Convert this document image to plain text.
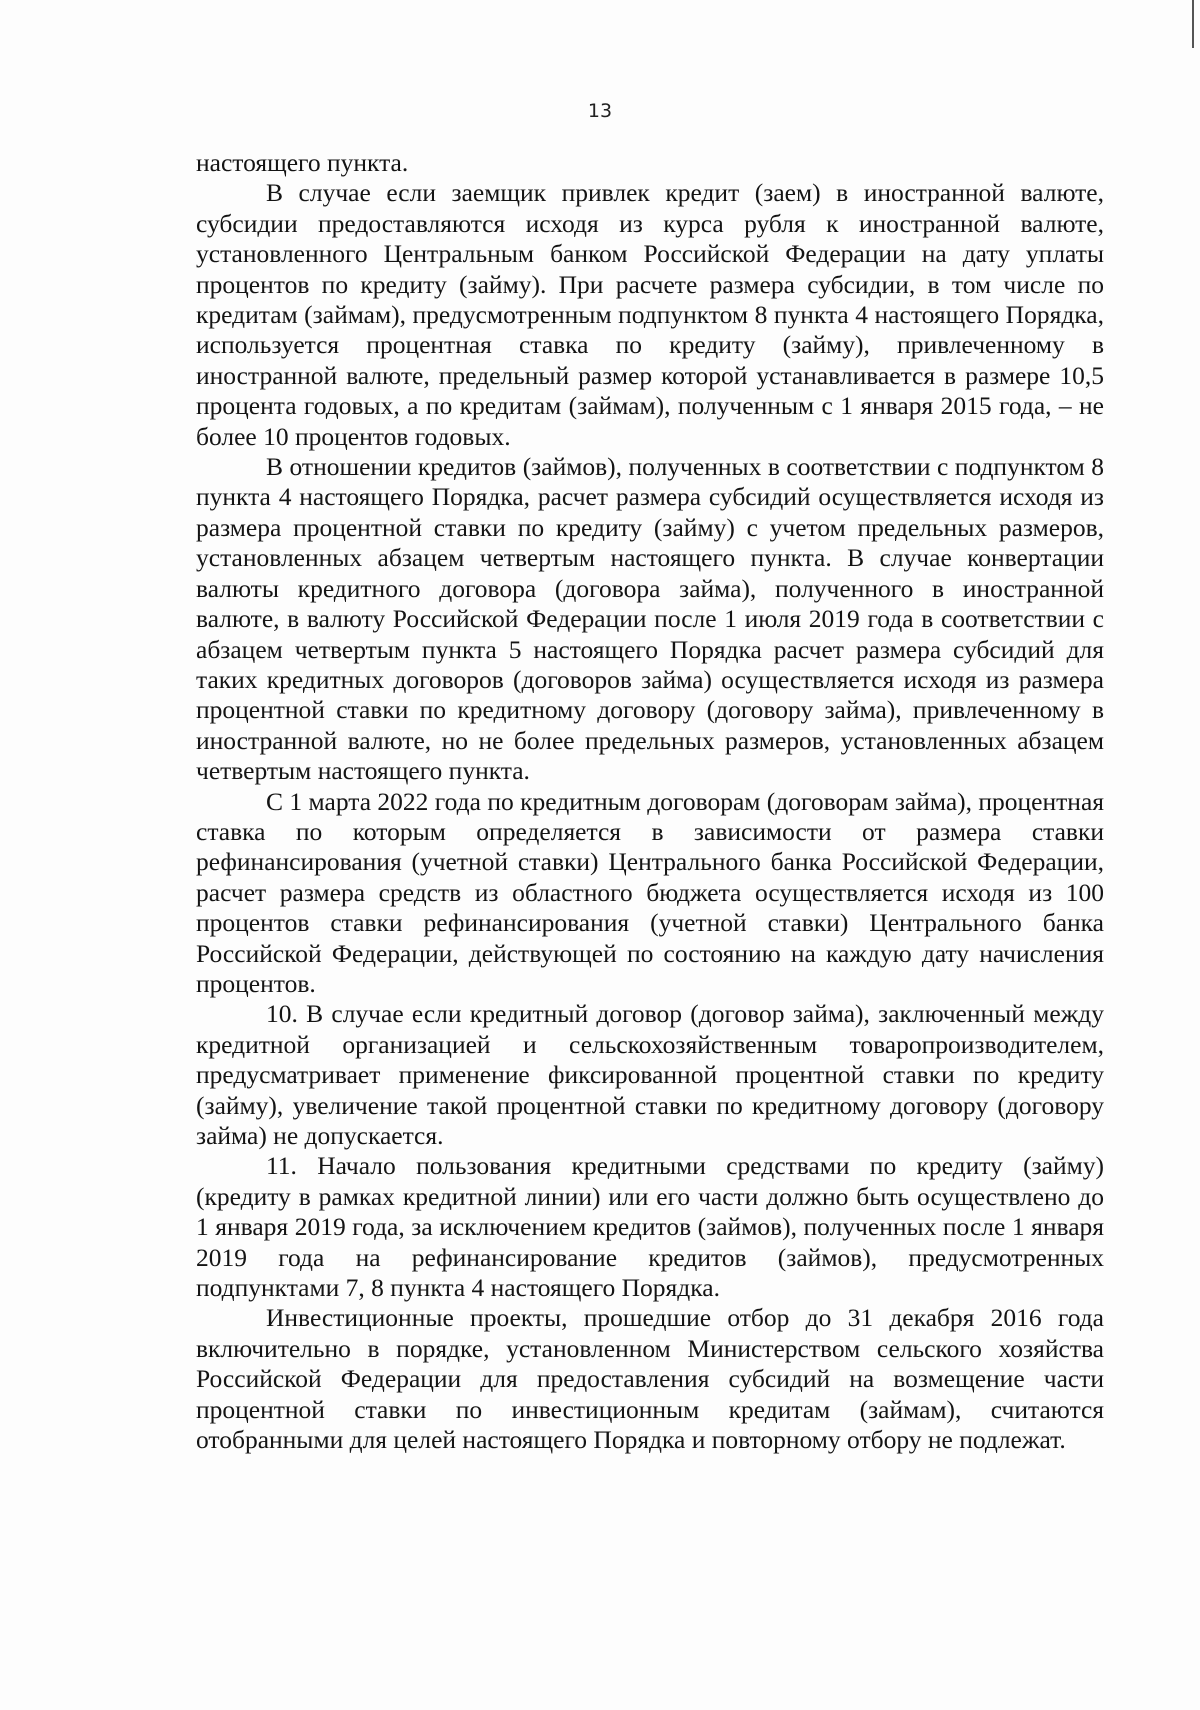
13

настоящего пункта.

В случае если заемщик привлек кредит (заем) в иностранной валюте, субсидии предоставляются исходя из курса рубля к иностранной валюте, установленного Центральным банком Российской Федерации на дату уплаты процентов по кредиту (займу). При расчете размера субсидии, в том числе по кредитам (займам), предусмотренным подпунктом 8 пункта 4 настоящего Порядка, используется процентная ставка по кредиту (займу), привлеченному в иностранной валюте, предельный размер которой устанавливается в размере 10,5 процента годовых, а по кредитам (займам), полученным с 1 января 2015 года, – не более 10 процентов годовых.

В отношении кредитов (займов), полученных в соответствии с подпунктом 8 пункта 4 настоящего Порядка, расчет размера субсидий осуществляется исходя из размера процентной ставки по кредиту (займу) с учетом предельных размеров, установленных абзацем четвертым настоящего пункта. В случае конвертации валюты кредитного договора (договора займа), полученного в иностранной валюте, в валюту Российской Федерации после 1 июля 2019 года в соответствии с абзацем четвертым пункта 5 настоящего Порядка расчет размера субсидий для таких кредитных договоров (договоров займа) осуществляется исходя из размера процентной ставки по кредитному договору (договору займа), привлеченному в иностранной валюте, но не более предельных размеров, установленных абзацем четвертым настоящего пункта.

С 1 марта 2022 года по кредитным договорам (договорам займа), процентная ставка по которым определяется в зависимости от размера ставки рефинансирования (учетной ставки) Центрального банка Российской Федерации, расчет размера средств из областного бюджета осуществляется исходя из 100 процентов ставки рефинансирования (учетной ставки) Центрального банка Российской Федерации, действующей по состоянию на каждую дату начисления процентов.

10. В случае если кредитный договор (договор займа), заключенный между кредитной организацией и сельскохозяйственным товаропроизводителем, предусматривает применение фиксированной процентной ставки по кредиту (займу), увеличение такой процентной ставки по кредитному договору (договору займа) не допускается.

11. Начало пользования кредитными средствами по кредиту (займу) (кредиту в рамках кредитной линии) или его части должно быть осуществлено до 1 января 2019 года, за исключением кредитов (займов), полученных после 1 января 2019 года на рефинансирование кредитов (займов), предусмотренных подпунктами 7, 8 пункта 4 настоящего Порядка.

Инвестиционные проекты, прошедшие отбор до 31 декабря 2016 года включительно в порядке, установленном Министерством сельского хозяйства Российской Федерации для предоставления субсидий на возмещение части процентной ставки по инвестиционным кредитам (займам), считаются отобранными для целей настоящего Порядка и повторному отбору не подлежат.
